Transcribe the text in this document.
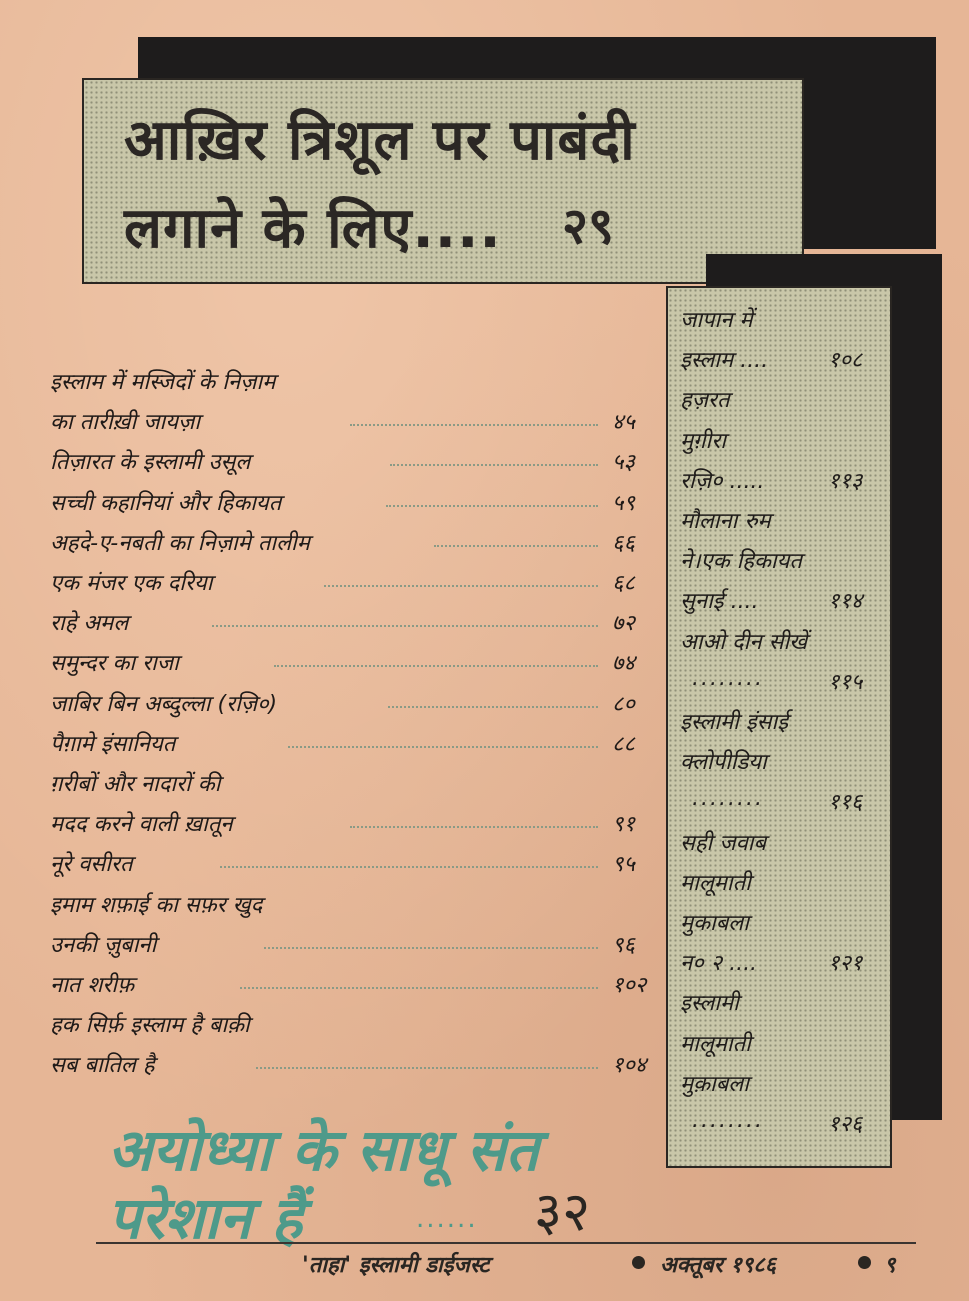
आख़िर त्रिशूल पर पाबंदी
लगाने के लिए.... २९
जापान में
इस्लाम ....	१०८
हज़रत
मुग़ीरा
रज़ि० .....	११३
मौलाना रुम
ने।एक हिकायत
सुनाई ....	११४
आओ दीन सीखें
........	११५
इस्लामी इंसाई
क्लोपीडिया
........	११६
सही जवाब
मालूमाती
मुकाबला
न० २ ....	१२१
इस्लामी
मालूमाती
मुक़ाबला
........	१२६
इस्लाम में मस्जिदों के निज़ाम
का तारीख़ी जायज़ा	४५
तिज़ारत के इस्लामी उसूल	५३
सच्ची कहानियां और हिकायत	५९
अहदे-ए-नबती का निज़ामे तालीम	६६
एक मंजर एक दरिया	६८
राहे अमल	७२
समुन्दर का राजा	७४
जाबिर बिन अब्दुल्ला (रज़ि०)	८०
पैग़ामे इंसानियत	८८
ग़रीबों और नादारों की
मदद करने वाली ख़ातून	९१
नूरे वसीरत	९५
इमाम शफ़ाई का सफ़र खुद
उनकी ज़ुबानी	९६
नात शरीफ़	१०२
हक सिर्फ़ इस्लाम है बाक़ी
सब बातिल है	१०४
अयोध्या के साधू संत
परेशान हैं	...... ३२
'ताहा' इस्लामी डाईजस्ट	अक्तूबर १९८६	९
